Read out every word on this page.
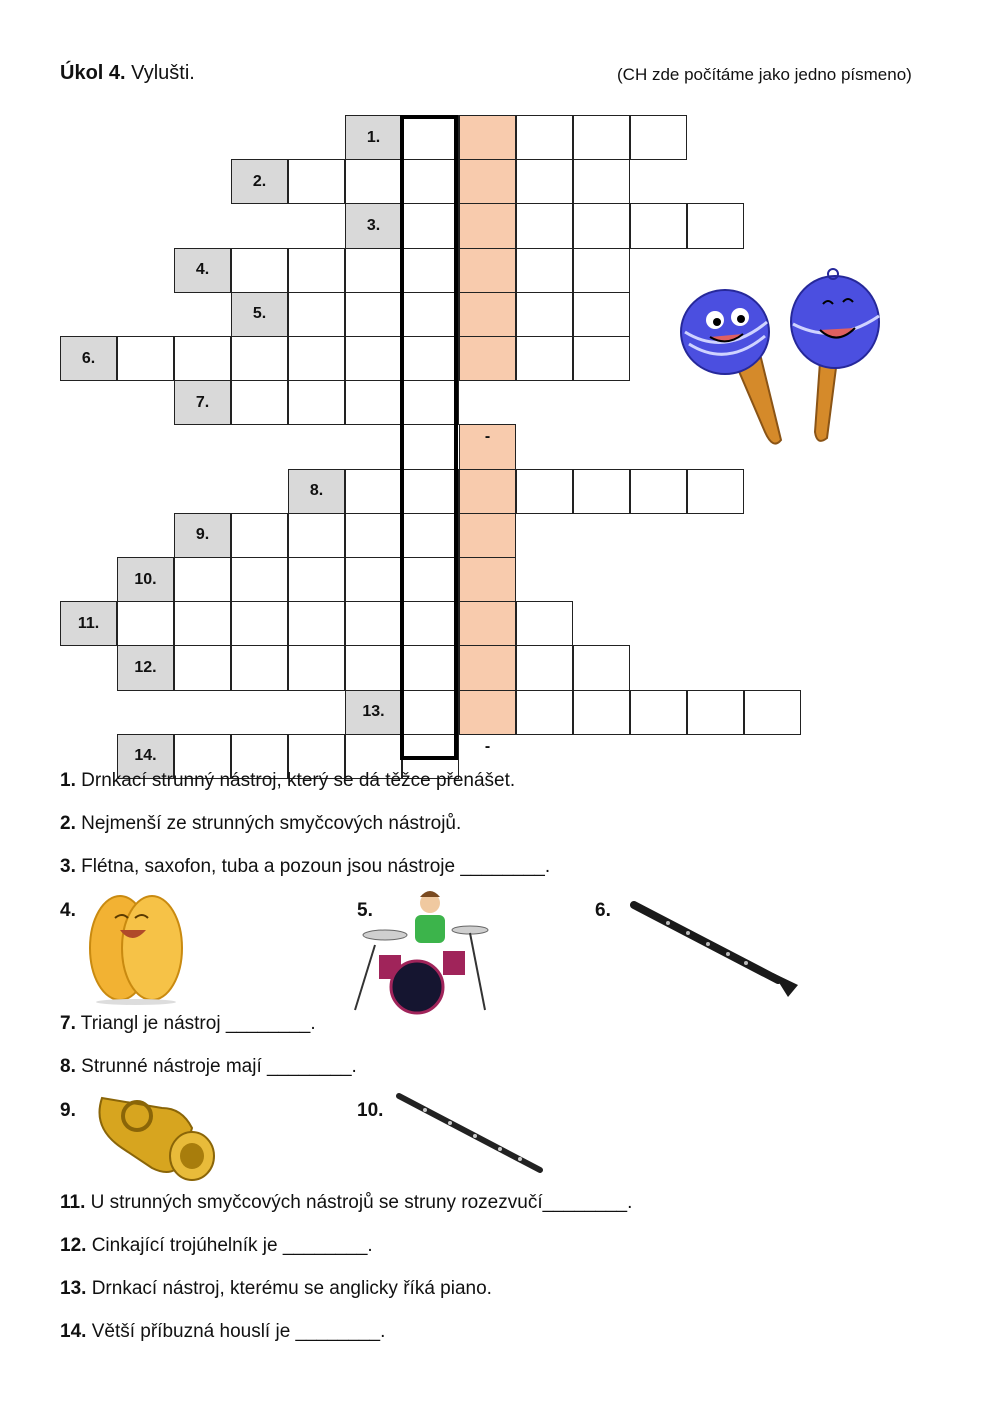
Úkol 4. Vylušti.	(CH zde počítáme jako jedno písmeno)
1.
2.
3.
4.
5.
6.
7.
-
8.
9.
10.
11.
12.
13.
14.
-
1. Drnkací strunný nástroj, který se dá těžce přenášet.
2. Nejmenší ze strunných smyčcových nástrojů.
3. Flétna, saxofon, tuba a pozoun jsou nástroje ________.
4.	5.	6.
7. Triangl je nástroj ________.
8. Strunné nástroje mají ________.
9.	10.
11. U strunných smyčcových nástrojů se struny rozezvučí________.
12. Cinkající trojúhelník je ________.
13. Drnkací nástroj, kterému se anglicky říká piano.
14. Větší příbuzná houslí je ________.
